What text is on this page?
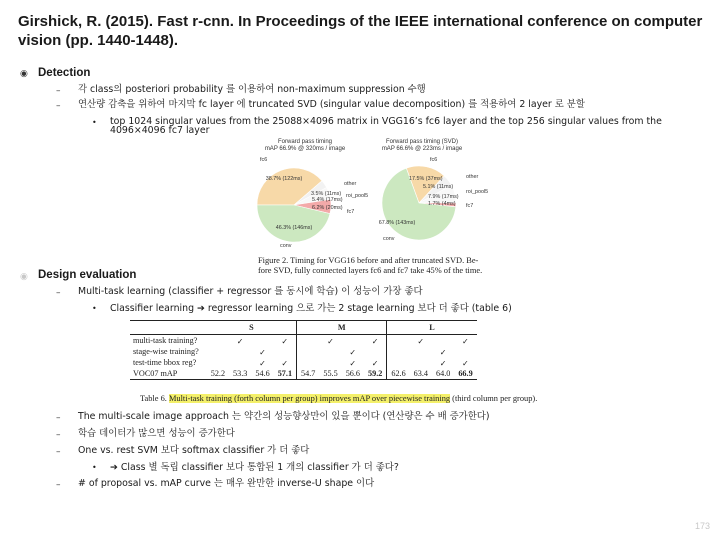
Girshick, R. (2015). Fast r-cnn. In Proceedings of the IEEE international conference on computer vision (pp. 1440-1448).
◉ Detection
– 각 class의 posteriori probability 를 이용하여 non-maximum suppression 수행
– 연산량 감축을 위하여 마지막 fc layer 에 truncated SVD (singular value decomposition) 를 적용하여 2 layer 로 분할
• top 1024 singular values from the 25088×4096 matrix in VGG16’s fc6 layer and the top 256 singular values from the 4096×4096 fc7 layer
Forward pass timing
mAP 66.9% @ 320ms / image
38.7% (122ms)
3.5% (11ms)
5.4% (17ms)
6.2% (20ms)
46.3% (146ms)
fc6
other
roi_pool5
fc7
conv
Forward pass timing (SVD)
mAP 66.6% @ 223ms / image
17.5% (37ms)
5.1% (11ms)
7.9% (17ms)
1.7% (4ms)
67.8% (143ms)
fc6
other
roi_pool5
fc7
conv
Figure 2. Timing for VGG16 before and after truncated SVD. Be-
fore SVD, fully connected layers fc6 and fc7 take 45% of the time.
◉ Design evaluation
– Multi-task learning (classifier + regressor 를 동시에 학습) 이 성능이 가장 좋다
• Classifier learning ➔ regressor learning 으로 가는 2 stage learning 보다 더 좋다 (table 6)
	S				M				L			
multi-task training?		✓		✓		✓		✓		✓		✓
stage-wise training?			✓				✓				✓	
test-time bbox reg?			✓	✓			✓	✓			✓	✓
VOC07 mAP	52.2	53.3	54.6	57.1	54.7	55.5	56.6	59.2	62.6	63.4	64.0	66.9
Table 6. Multi-task training (forth column per group) improves mAP over piecewise training (third column per group).
– The multi-scale image approach 는 약간의 성능향상만이 있을 뿐이다 (연산량은 수 배 증가한다)
– 학습 데이터가 많으면 성능이 증가한다
– One vs. rest SVM 보다 softmax classifier 가 더 좋다
• ➔ Class 별 독립 classifier 보다 통합된 1 개의 classifier 가 더 좋다?
– # of proposal vs. mAP curve 는 매우 완만한 inverse-U shape 이다
173
